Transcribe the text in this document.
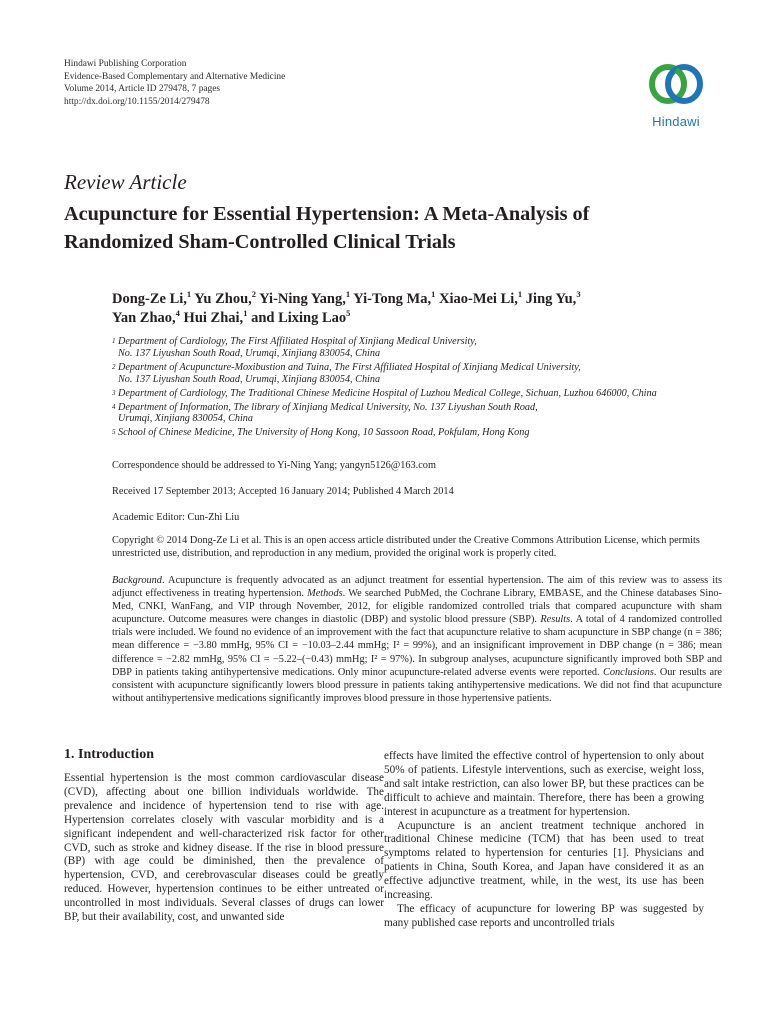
Hindawi Publishing Corporation
Evidence-Based Complementary and Alternative Medicine
Volume 2014, Article ID 279478, 7 pages
http://dx.doi.org/10.1155/2014/279478
Hindawi
Review Article
Acupuncture for Essential Hypertension: A Meta-Analysis of
Randomized Sham-Controlled Clinical Trials
Dong-Ze Li,$^1$ Yu Zhou,$^2$ Yi-Ning Yang,$^1$ Yi-Tong Ma,$^1$ Xiao-Mei Li,$^1$ Jing Yu,$^3$
Yan Zhao,$^4$ Hui Zhai,$^1$ and Lixing Lao$^5$
1 Department of Cardiology, The First Affiliated Hospital of Xinjiang Medical University,
No. 137 Liyushan South Road, Urumqi, Xinjiang 830054, China
2 Department of Acupuncture-Moxibustion and Tuina, The First Affiliated Hospital of Xinjiang Medical University,
No. 137 Liyushan South Road, Urumqi, Xinjiang 830054, China
3 Department of Cardiology, The Traditional Chinese Medicine Hospital of Luzhou Medical College, Sichuan, Luzhou 646000, China
4 Department of Information, The library of Xinjiang Medical University, No. 137 Liyushan South Road,
Urumqi, Xinjiang 830054, China
5 School of Chinese Medicine, The University of Hong Kong, 10 Sassoon Road, Pokfulam, Hong Kong
Correspondence should be addressed to Yi-Ning Yang; yangyn5126@163.com
Received 17 September 2013; Accepted 16 January 2014; Published 4 March 2014
Academic Editor: Cun-Zhi Liu
Copyright © 2014 Dong-Ze Li et al. This is an open access article distributed under the Creative Commons Attribution License, which permits unrestricted use, distribution, and reproduction in any medium, provided the original work is properly cited.
Background. Acupuncture is frequently advocated as an adjunct treatment for essential hypertension. The aim of this review was to assess its adjunct effectiveness in treating hypertension. Methods. We searched PubMed, the Cochrane Library, EMBASE, and the Chinese databases Sino-Med, CNKI, WanFang, and VIP through November, 2012, for eligible randomized controlled trials that compared acupuncture with sham acupuncture. Outcome measures were changes in diastolic (DBP) and systolic blood pressure (SBP). Results. A total of 4 randomized controlled trials were included. We found no evidence of an improvement with the fact that acupuncture relative to sham acupuncture in SBP change (n = 386; mean difference = −3.80 mmHg, 95% CI = −10.03–2.44 mmHg; I² = 99%), and an insignificant improvement in DBP change (n = 386; mean difference = −2.82 mmHg, 95% CI = −5.22–(−0.43) mmHg; I² = 97%). In subgroup analyses, acupuncture significantly improved both SBP and DBP in patients taking antihypertensive medications. Only minor acupuncture-related adverse events were reported. Conclusions. Our results are consistent with acupuncture significantly lowers blood pressure in patients taking antihypertensive medications. We did not find that acupuncture without antihypertensive medications significantly improves blood pressure in those hypertensive patients.
1. Introduction

Essential hypertension is the most common cardiovascular disease (CVD), affecting about one billion individuals worldwide. The prevalence and incidence of hypertension tend to rise with age. Hypertension correlates closely with vascular morbidity and is a significant independent and well-characterized risk factor for other CVD, such as stroke and kidney disease. If the rise in blood pressure (BP) with age could be diminished, then the prevalence of hypertension, CVD, and cerebrovascular diseases could be greatly reduced. However, hypertension continues to be either untreated or uncontrolled in most individuals. Several classes of drugs can lower BP, but their availability, cost, and unwanted side

effects have limited the effective control of hypertension to only about 50% of patients. Lifestyle interventions, such as exercise, weight loss, and salt intake restriction, can also lower BP, but these practices can be difficult to achieve and maintain. Therefore, there has been a growing interest in acupuncture as a treatment for hypertension.

Acupuncture is an ancient treatment technique anchored in traditional Chinese medicine (TCM) that has been used to treat symptoms related to hypertension for centuries [1]. Physicians and patients in China, South Korea, and Japan have considered it as an effective adjunctive treatment, while, in the west, its use has been increasing.

The efficacy of acupuncture for lowering BP was suggested by many published case reports and uncontrolled trials
